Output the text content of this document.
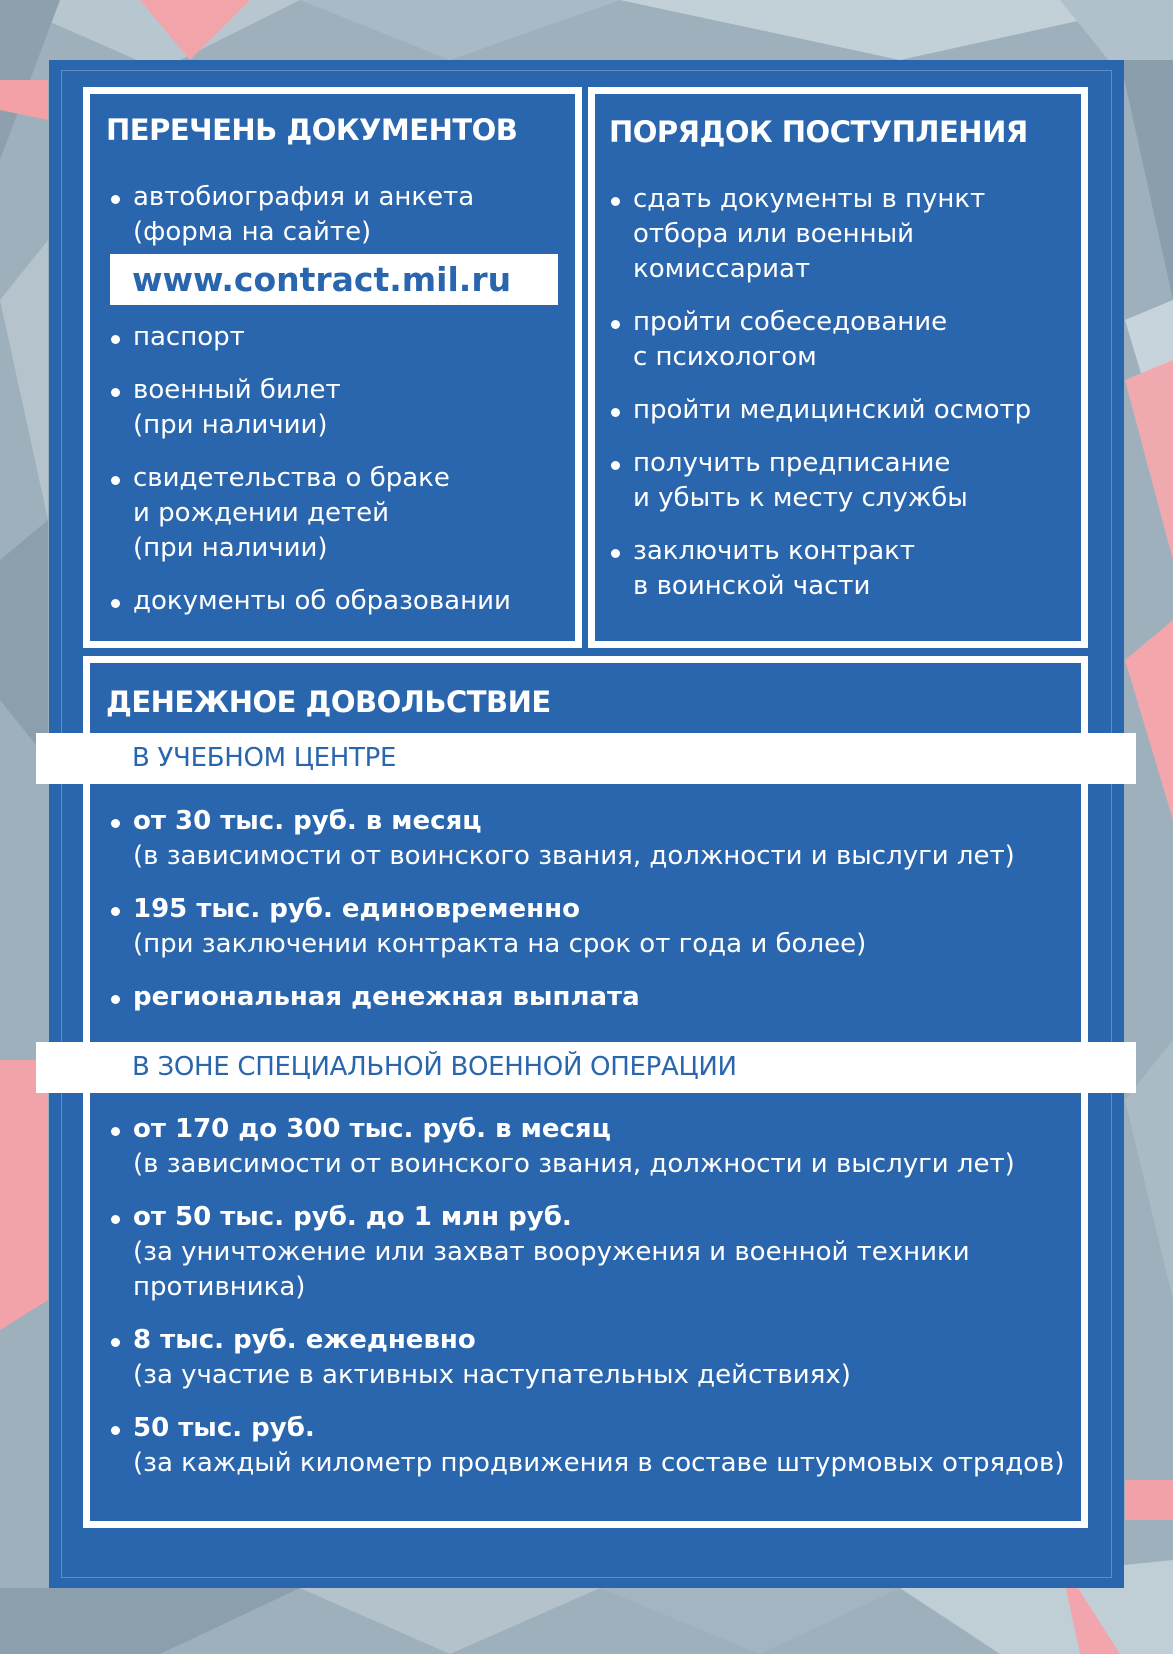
ПЕРЕЧЕНЬ ДОКУМЕНТОВ
автобиография и анкета
(форма на сайте)
www.contract.mil.ru
паспорт
военный билет
(при наличии)
свидетельства о браке
и рождении детей
(при наличии)
документы об образовании
ПОРЯДОК ПОСТУПЛЕНИЯ
сдать документы в пункт
отбора или военный
комиссариат
пройти собеседование
с психологом
пройти медицинский осмотр
получить предписание
и убыть к месту службы
заключить контракт
в воинской части
ДЕНЕЖНОЕ ДОВОЛЬСТВИЕ
от 30 тыс. руб. в месяц
(в зависимости от воинского звания, должности и выслуги лет)
195 тыс. руб. единовременно
(при заключении контракта на срок от года и более)
региональная денежная выплата
от 170 до 300 тыс. руб. в месяц
(в зависимости от воинского звания, должности и выслуги лет)
от 50 тыс. руб. до 1 млн руб.
(за уничтожение или захват вооружения и военной техники
противника)
8 тыс. руб. ежедневно
(за участие в активных наступательных действиях)
50 тыс. руб.
(за каждый километр продвижения в составе штурмовых отрядов)
В УЧЕБНОМ ЦЕНТРЕ
В ЗОНЕ СПЕЦИАЛЬНОЙ ВОЕННОЙ ОПЕРАЦИИ
